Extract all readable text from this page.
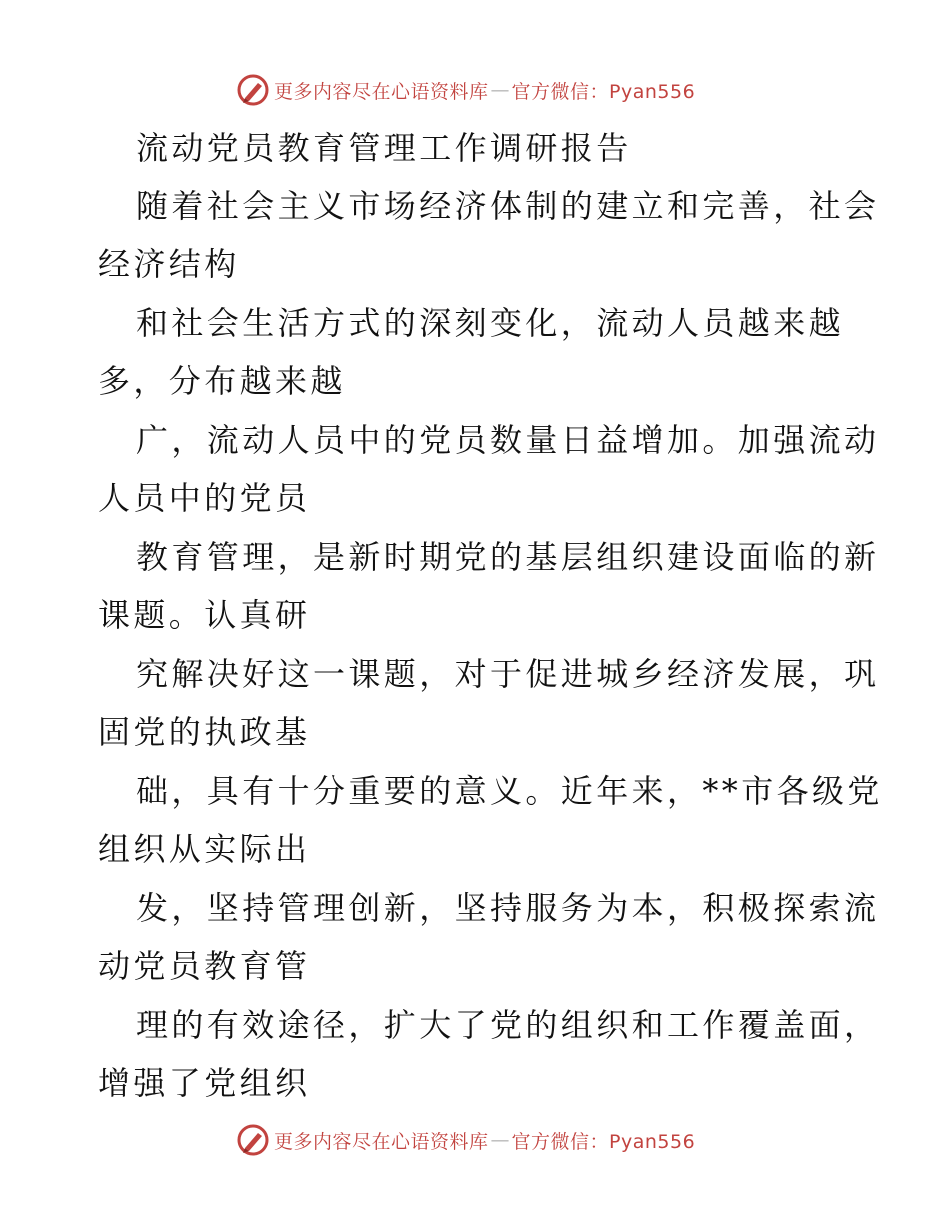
更多内容尽在心语资料库 — 官方微信：Pyan556
流动党员教育管理工作调研报告
随着社会主义市场经济体制的建立和完善，社会
经济结构
和社会生活方式的深刻变化，流动人员越来越
多，分布越来越
广，流动人员中的党员数量日益增加。加强流动
人员中的党员
教育管理，是新时期党的基层组织建设面临的新
课题。认真研
究解决好这一课题，对于促进城乡经济发展，巩
固党的执政基
础，具有十分重要的意义。近年来，**市各级党
组织从实际出
发，坚持管理创新，坚持服务为本，积极探索流
动党员教育管
理的有效途径，扩大了党的组织和工作覆盖面，
增强了党组织
更多内容尽在心语资料库 — 官方微信：Pyan556
